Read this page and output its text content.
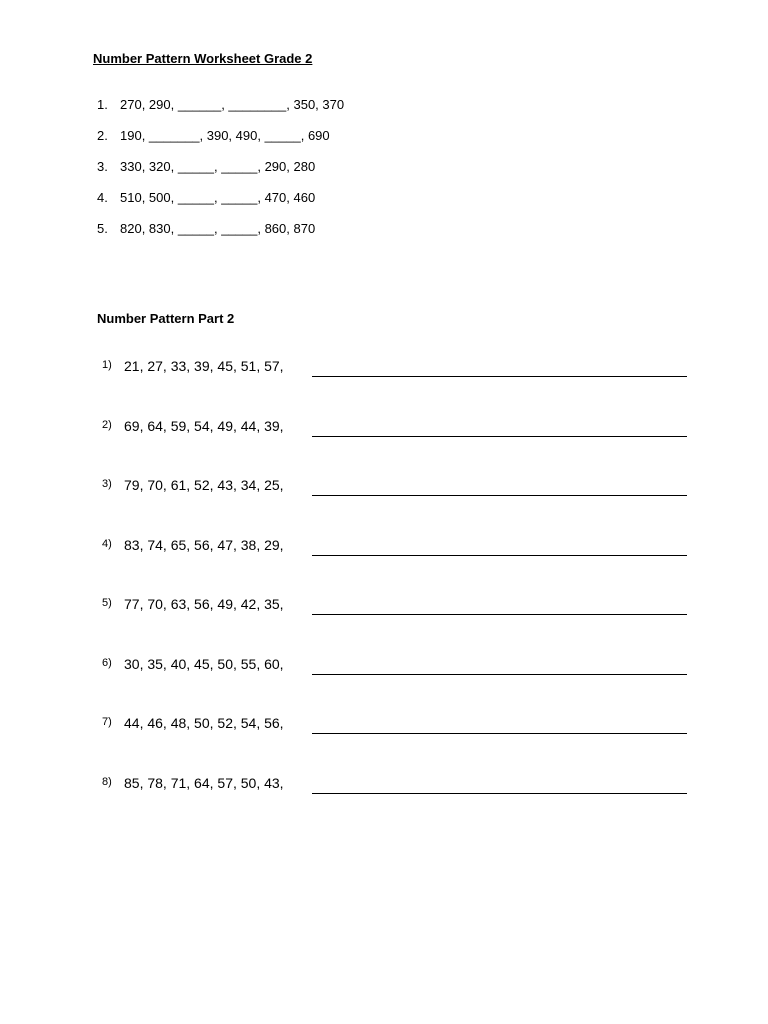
Number Pattern Worksheet Grade 2
1. 270, 290, ______, ________, 350, 370
2. 190, _______, 390, 490, _____, 690
3. 330, 320, _____, _____, 290, 280
4. 510, 500, _____, _____, 470, 460
5. 820, 830, _____, _____, 860, 870
Number Pattern Part 2
1) 21, 27, 33, 39, 45, 51, 57,
2) 69, 64, 59, 54, 49, 44, 39,
3) 79, 70, 61, 52, 43, 34, 25,
4) 83, 74, 65, 56, 47, 38, 29,
5) 77, 70, 63, 56, 49, 42, 35,
6) 30, 35, 40, 45, 50, 55, 60,
7) 44, 46, 48, 50, 52, 54, 56,
8) 85, 78, 71, 64, 57, 50, 43,
